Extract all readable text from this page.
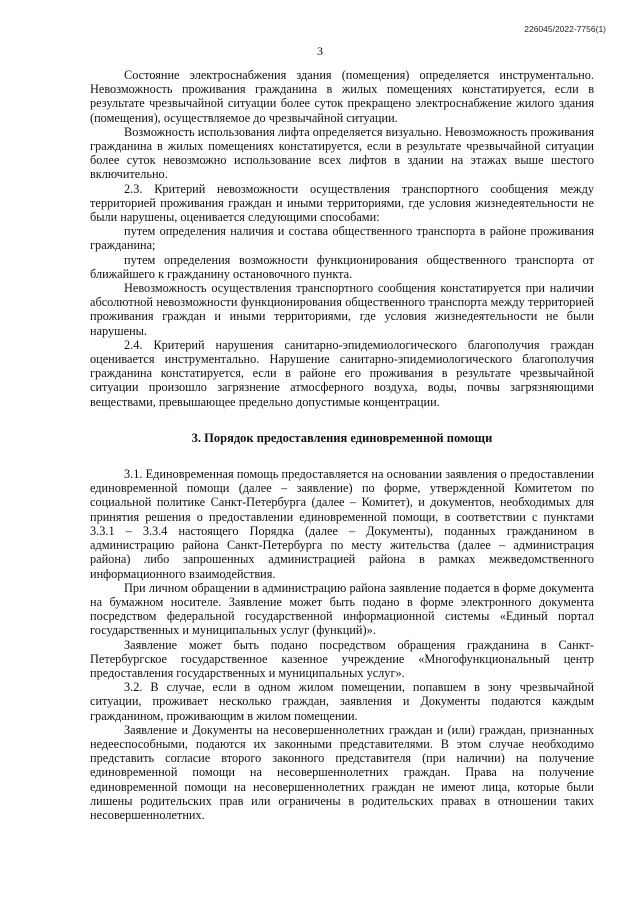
226045/2022-7756(1)
3

Состояние электроснабжения здания (помещения) определяется инструментально. Невозможность проживания гражданина в жилых помещениях констатируется, если в результате чрезвычайной ситуации более суток прекращено электроснабжение жилого здания (помещения), осуществляемое до чрезвычайной ситуации.

Возможность использования лифта определяется визуально. Невозможность проживания гражданина в жилых помещениях констатируется, если в результате чрезвычайной ситуации более суток невозможно использование всех лифтов в здании на этажах выше шестого включительно.

2.3. Критерий невозможности осуществления транспортного сообщения между территорией проживания граждан и иными территориями, где условия жизнедеятельности не были нарушены, оценивается следующими способами:

путем определения наличия и состава общественного транспорта в районе проживания гражданина;

путем определения возможности функционирования общественного транспорта от ближайшего к гражданину остановочного пункта.

Невозможность осуществления транспортного сообщения констатируется при наличии абсолютной невозможности функционирования общественного транспорта между территорией проживания граждан и иными территориями, где условия жизнедеятельности не были нарушены.

2.4. Критерий нарушения санитарно-эпидемиологического благополучия граждан оценивается инструментально. Нарушение санитарно-эпидемиологического благополучия гражданина констатируется, если в районе его проживания в результате чрезвычайной ситуации произошло загрязнение атмосферного воздуха, воды, почвы загрязняющими веществами, превышающее предельно допустимые концентрации.

3. Порядок предоставления единовременной помощи

3.1. Единовременная помощь предоставляется на основании заявления о предоставлении единовременной помощи (далее – заявление) по форме, утвержденной Комитетом по социальной политике Санкт-Петербурга (далее – Комитет), и документов, необходимых для принятия решения о предоставлении единовременной помощи, в соответствии с пунктами 3.3.1 – 3.3.4 настоящего Порядка (далее – Документы), поданных гражданином в администрацию района Санкт-Петербурга по месту жительства (далее – администрация района) либо запрошенных администрацией района в рамках межведомственного информационного взаимодействия.

При личном обращении в администрацию района заявление подается в форме документа на бумажном носителе. Заявление может быть подано в форме электронного документа посредством федеральной государственной информационной системы «Единый портал государственных и муниципальных услуг (функций)».

Заявление может быть подано посредством обращения гражданина в Санкт-Петербургское государственное казенное учреждение «Многофункциональный центр предоставления государственных и муниципальных услуг».

3.2. В случае, если в одном жилом помещении, попавшем в зону чрезвычайной ситуации, проживает несколько граждан, заявления и Документы подаются каждым гражданином, проживающим в жилом помещении.

Заявление и Документы на несовершеннолетних граждан и (или) граждан, признанных недееспособными, подаются их законными представителями. В этом случае необходимо представить согласие второго законного представителя (при наличии) на получение единовременной помощи на несовершеннолетних граждан. Права на получение единовременной помощи на несовершеннолетних граждан не имеют лица, которые были лишены родительских прав или ограничены в родительских правах в отношении таких несовершеннолетних.
